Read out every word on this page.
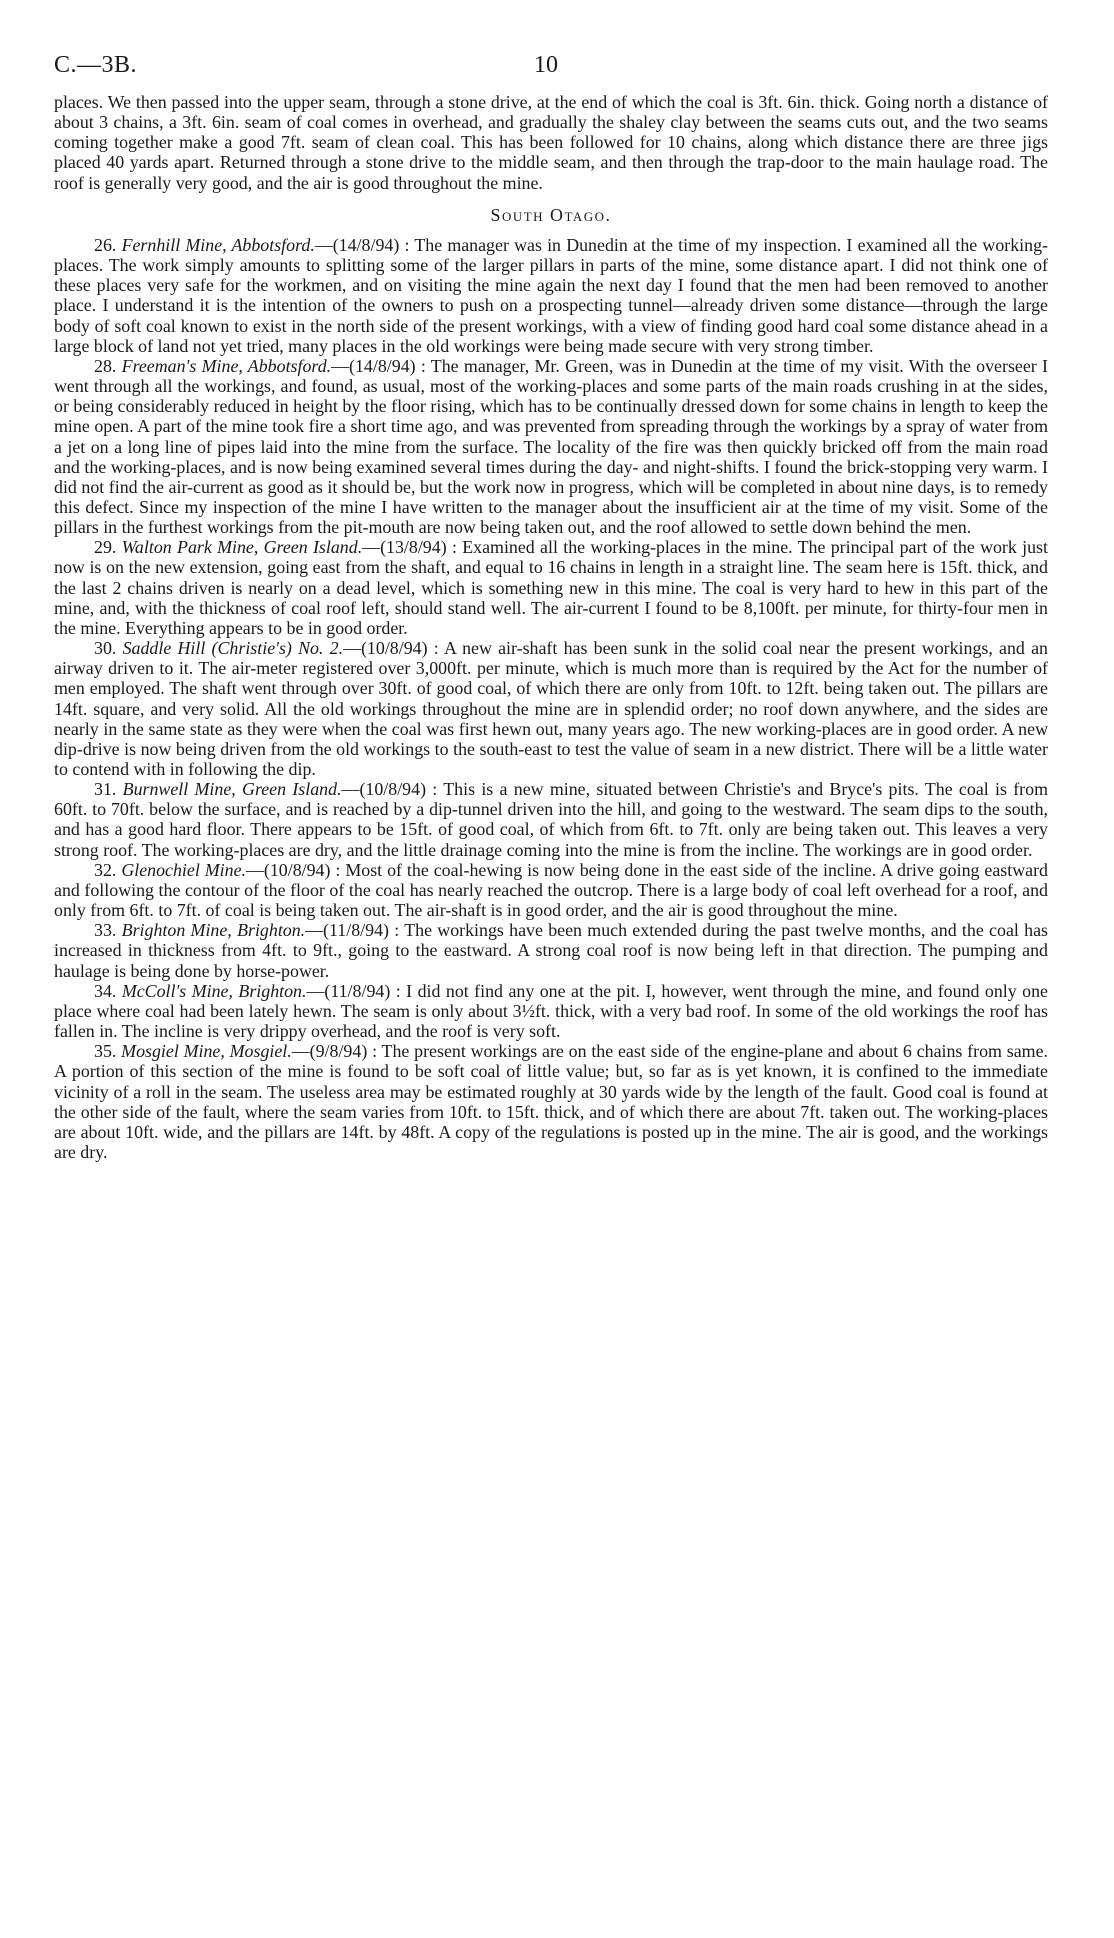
C.—3B.	10

places. We then passed into the upper seam, through a stone drive, at the end of which the coal is 3ft. 6in. thick. Going north a distance of about 3 chains, a 3ft. 6in. seam of coal comes in overhead, and gradually the shaley clay between the seams cuts out, and the two seams coming together make a good 7ft. seam of clean coal. This has been followed for 10 chains, along which distance there are three jigs placed 40 yards apart. Returned through a stone drive to the middle seam, and then through the trap-door to the main haulage road. The roof is generally very good, and the air is good throughout the mine.

South Otago.

26. Fernhill Mine, Abbotsford.—(14/8/94) : The manager was in Dunedin at the time of my inspection. I examined all the working-places. The work simply amounts to splitting some of the larger pillars in parts of the mine, some distance apart. I did not think one of these places very safe for the workmen, and on visiting the mine again the next day I found that the men had been removed to another place. I understand it is the intention of the owners to push on a prospecting tunnel—already driven some distance—through the large body of soft coal known to exist in the north side of the present workings, with a view of finding good hard coal some distance ahead in a large block of land not yet tried, many places in the old workings were being made secure with very strong timber.

28. Freeman's Mine, Abbotsford.—(14/8/94) : The manager, Mr. Green, was in Dunedin at the time of my visit. With the overseer I went through all the workings, and found, as usual, most of the working-places and some parts of the main roads crushing in at the sides, or being considerably reduced in height by the floor rising, which has to be continually dressed down for some chains in length to keep the mine open. A part of the mine took fire a short time ago, and was prevented from spreading through the workings by a spray of water from a jet on a long line of pipes laid into the mine from the surface. The locality of the fire was then quickly bricked off from the main road and the working-places, and is now being examined several times during the day- and night-shifts. I found the brick-stopping very warm. I did not find the air-current as good as it should be, but the work now in progress, which will be completed in about nine days, is to remedy this defect. Since my inspection of the mine I have written to the manager about the insufficient air at the time of my visit. Some of the pillars in the furthest workings from the pit-mouth are now being taken out, and the roof allowed to settle down behind the men.

29. Walton Park Mine, Green Island.—(13/8/94) : Examined all the working-places in the mine. The principal part of the work just now is on the new extension, going east from the shaft, and equal to 16 chains in length in a straight line. The seam here is 15ft. thick, and the last 2 chains driven is nearly on a dead level, which is something new in this mine. The coal is very hard to hew in this part of the mine, and, with the thickness of coal roof left, should stand well. The air-current I found to be 8,100ft. per minute, for thirty-four men in the mine. Everything appears to be in good order.

30. Saddle Hill (Christie's) No. 2.—(10/8/94) : A new air-shaft has been sunk in the solid coal near the present workings, and an airway driven to it. The air-meter registered over 3,000ft. per minute, which is much more than is required by the Act for the number of men employed. The shaft went through over 30ft. of good coal, of which there are only from 10ft. to 12ft. being taken out. The pillars are 14ft. square, and very solid. All the old workings throughout the mine are in splendid order; no roof down anywhere, and the sides are nearly in the same state as they were when the coal was first hewn out, many years ago. The new working-places are in good order. A new dip-drive is now being driven from the old workings to the south-east to test the value of seam in a new district. There will be a little water to contend with in following the dip.

31. Burnwell Mine, Green Island.—(10/8/94) : This is a new mine, situated between Christie's and Bryce's pits. The coal is from 60ft. to 70ft. below the surface, and is reached by a dip-tunnel driven into the hill, and going to the westward. The seam dips to the south, and has a good hard floor. There appears to be 15ft. of good coal, of which from 6ft. to 7ft. only are being taken out. This leaves a very strong roof. The working-places are dry, and the little drainage coming into the mine is from the incline. The workings are in good order.

32. Glenochiel Mine.—(10/8/94) : Most of the coal-hewing is now being done in the east side of the incline. A drive going eastward and following the contour of the floor of the coal has nearly reached the outcrop. There is a large body of coal left overhead for a roof, and only from 6ft. to 7ft. of coal is being taken out. The air-shaft is in good order, and the air is good throughout the mine.

33. Brighton Mine, Brighton.—(11/8/94) : The workings have been much extended during the past twelve months, and the coal has increased in thickness from 4ft. to 9ft., going to the eastward. A strong coal roof is now being left in that direction. The pumping and haulage is being done by horse-power.

34. McColl's Mine, Brighton.—(11/8/94) : I did not find any one at the pit. I, however, went through the mine, and found only one place where coal had been lately hewn. The seam is only about 3½ft. thick, with a very bad roof. In some of the old workings the roof has fallen in. The incline is very drippy overhead, and the roof is very soft.

35. Mosgiel Mine, Mosgiel.—(9/8/94) : The present workings are on the east side of the engine-plane and about 6 chains from same. A portion of this section of the mine is found to be soft coal of little value; but, so far as is yet known, it is confined to the immediate vicinity of a roll in the seam. The useless area may be estimated roughly at 30 yards wide by the length of the fault. Good coal is found at the other side of the fault, where the seam varies from 10ft. to 15ft. thick, and of which there are about 7ft. taken out. The working-places are about 10ft. wide, and the pillars are 14ft. by 48ft. A copy of the regulations is posted up in the mine. The air is good, and the workings are dry.
